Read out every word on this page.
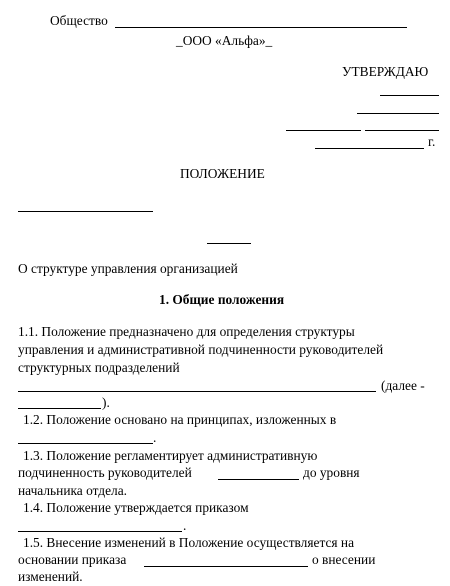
Общество
_ООО «Альфа»_
УТВЕРЖДАЮ
г.
ПОЛОЖЕНИЕ
О структуре управления организацией
1. Общие положения
1.1. Положение предназначено для определения структуры
управления и административной подчиненности руководителей
структурных подразделений
(далее -
).
1.2. Положение основано на принципах, изложенных в
.
1.3. Положение регламентирует административную
подчиненность руководителей	до уровня
начальника отдела.
1.4. Положение утверждается приказом
.
1.5. Внесение изменений в Положение осуществляется на
основании приказа	о внесении
изменений.
